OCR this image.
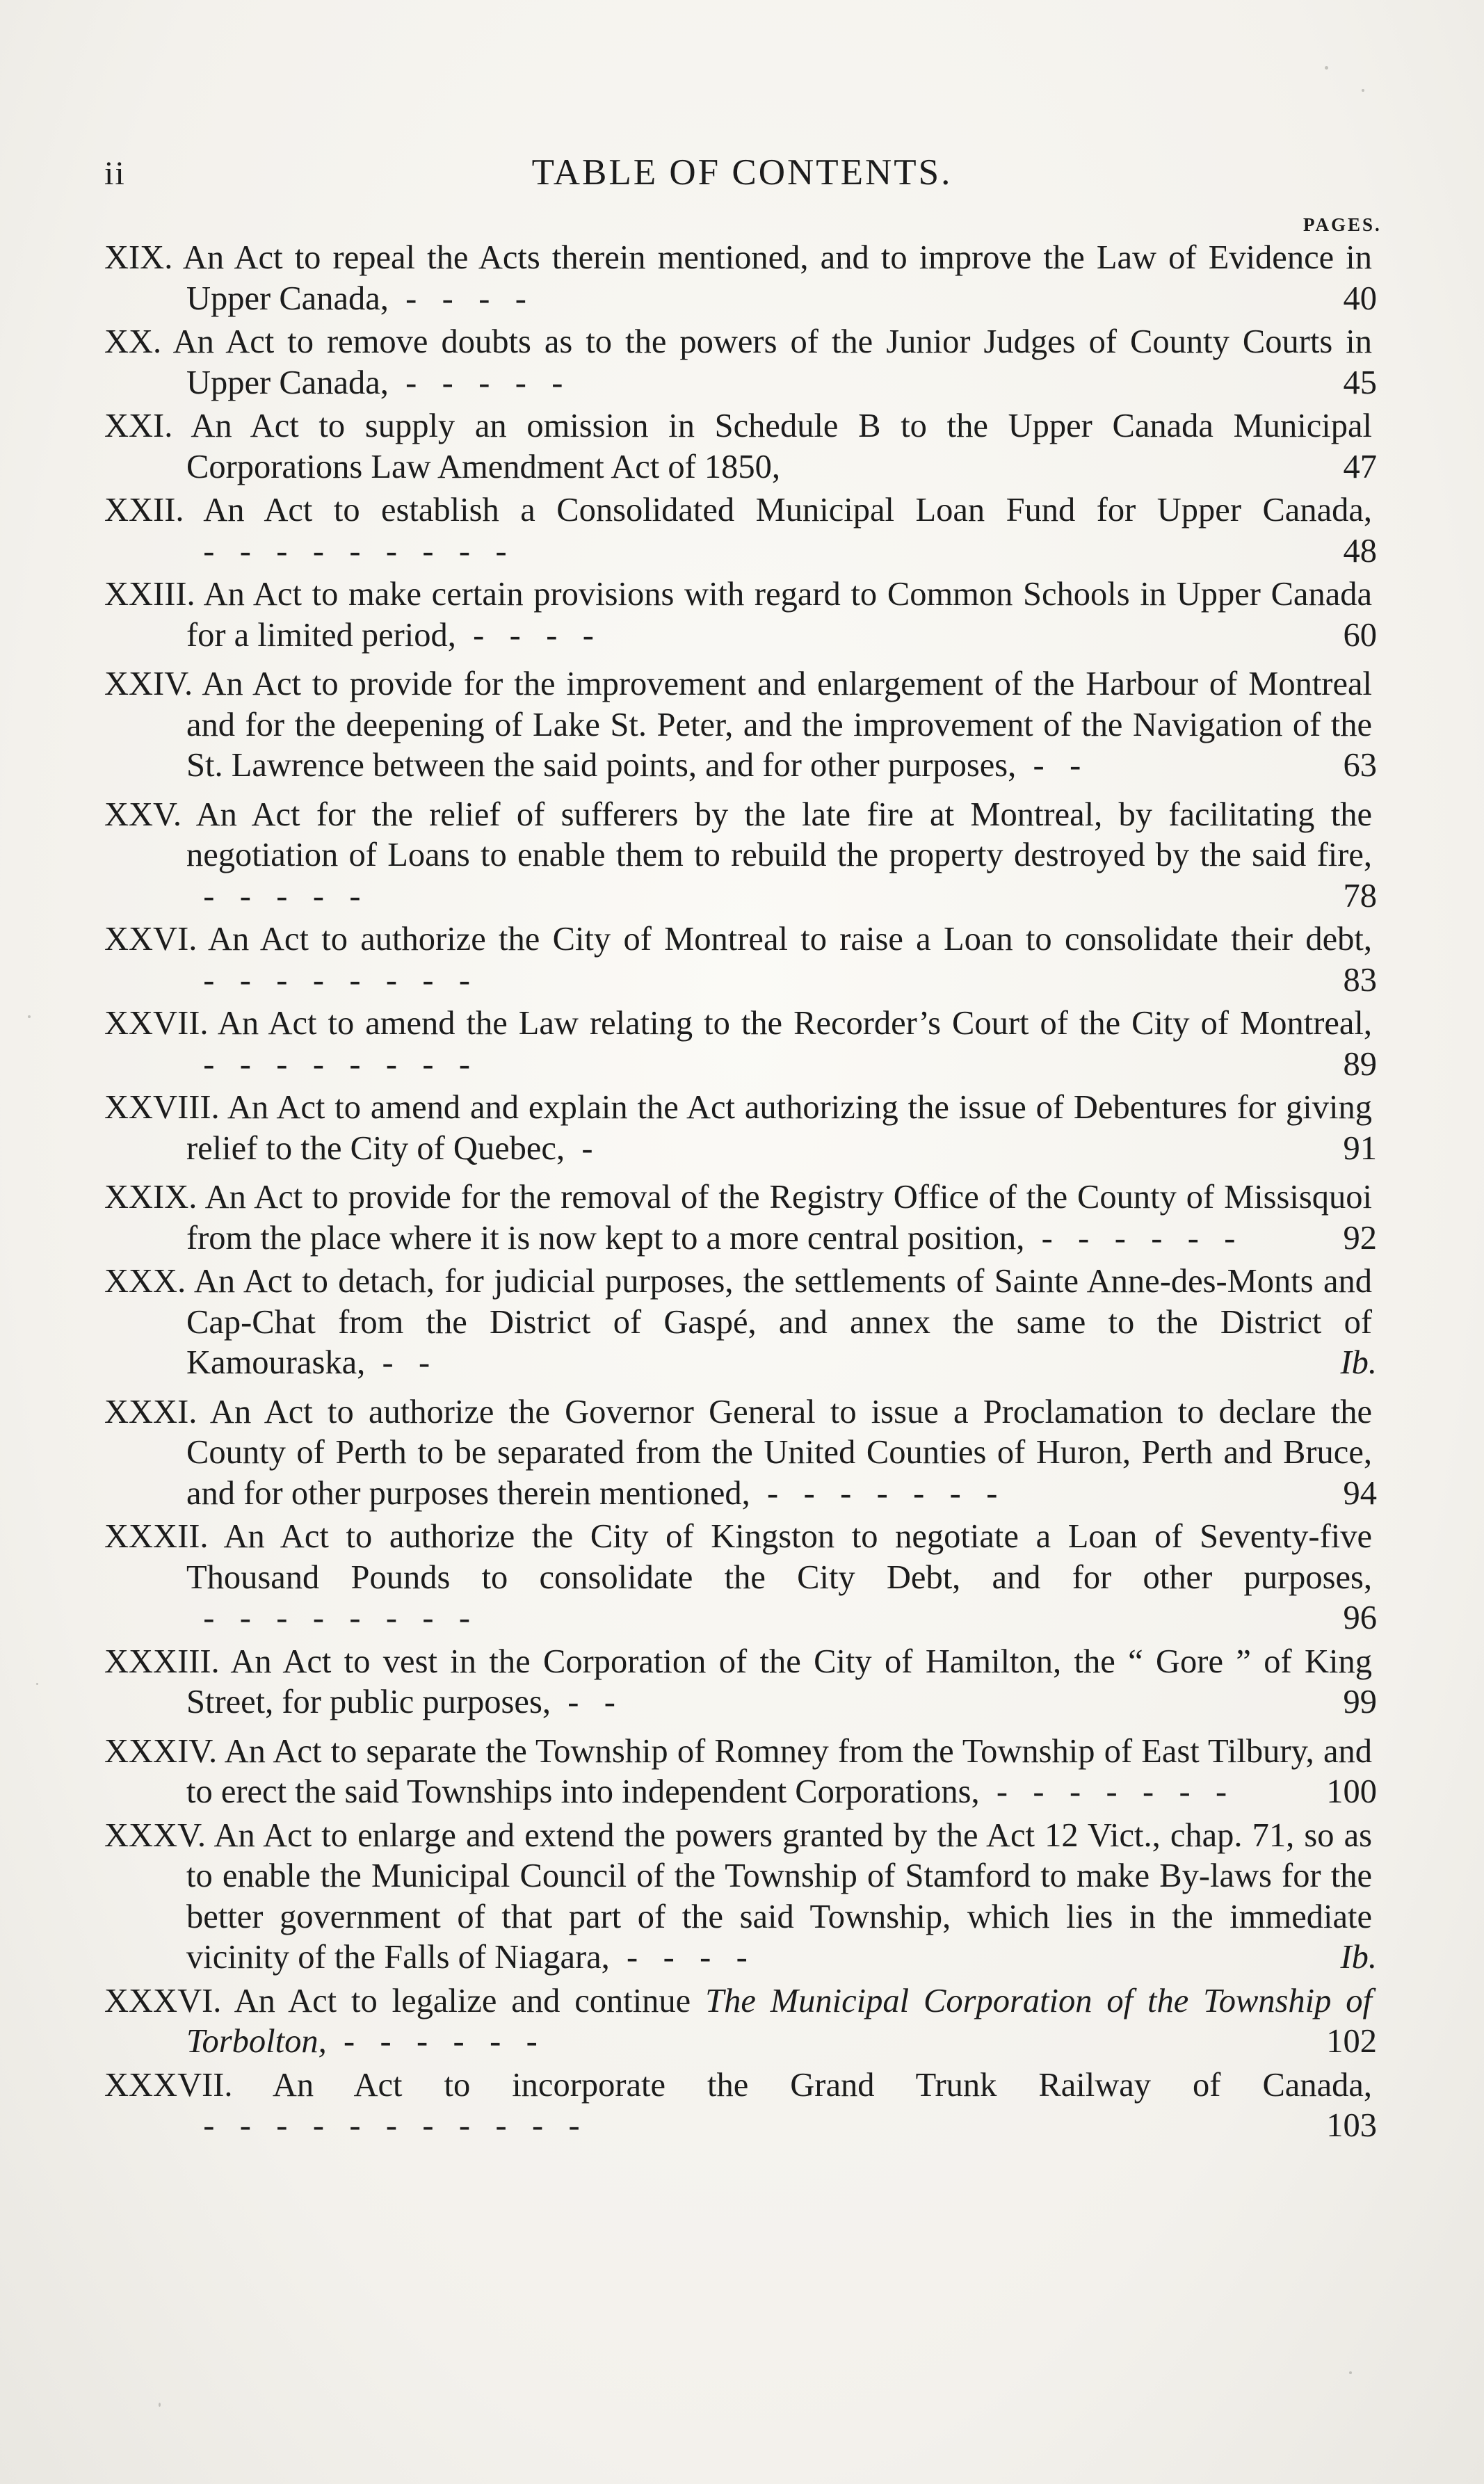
ii	TABLE OF CONTENTS.
PAGES.
XIX. An Act to repeal the Acts therein mentioned, and to improve the Law of Evidence in Upper Canada,  -   -   -   -	40
XX. An Act to remove doubts as to the powers of the Junior Judges of County Courts in Upper Canada,  -   -   -   -   -	45
XXI. An Act to supply an omission in Schedule B to the Upper Canada Municipal Corporations Law Amendment Act of 1850,	47
XXII. An Act to establish a Consolidated Municipal Loan Fund for Upper Canada,  -   -   -   -   -   -   -   -   -	48
XXIII. An Act to make certain provisions with regard to Common Schools in Upper Canada for a limited period,  -   -   -   -	60
XXIV. An Act to provide for the improvement and enlargement of the Harbour of Montreal and for the deepening of Lake St. Peter, and the improvement of the Navigation of the St. Lawrence between the said points, and for other purposes,  -   -	63
XXV. An Act for the relief of sufferers by the late fire at Montreal, by facilitating the negotiation of Loans to enable them to rebuild the property destroyed by the said fire,  -   -   -   -   -	78
XXVI. An Act to authorize the City of Montreal to raise a Loan to consolidate their debt,  -   -   -   -   -   -   -   -	83
XXVII. An Act to amend the Law relating to the Recorder’s Court of the City of Montreal,  -   -   -   -   -   -   -   -	89
XXVIII. An Act to amend and explain the Act authorizing the issue of Debentures for giving relief to the City of Quebec,  -	91
XXIX. An Act to provide for the removal of the Registry Office of the County of Missisquoi from the place where it is now kept to a more central position,  -   -   -   -   -   -	92
XXX. An Act to detach, for judicial purposes, the settlements of Sainte Anne-des-Monts and Cap-Chat from the District of Gaspé, and annex the same to the District of Kamouraska,  -   -	Ib.
XXXI. An Act to authorize the Governor General to issue a Proclamation to declare the County of Perth to be separated from the United Counties of Huron, Perth and Bruce, and for other purposes therein mentioned,  -   -   -   -   -   -   -	94
XXXII. An Act to authorize the City of Kingston to negotiate a Loan of Seventy-five Thousand Pounds to consolidate the City Debt, and for other purposes,  -   -   -   -   -   -   -   -	96
XXXIII. An Act to vest in the Corporation of the City of Hamilton, the “ Gore ” of King Street, for public purposes,  -   -	99
XXXIV. An Act to separate the Township of Romney from the Township of East Tilbury, and to erect the said Townships into independent Corporations,  -   -   -   -   -   -   -	100
XXXV. An Act to enlarge and extend the powers granted by the Act 12 Vict., chap. 71, so as to enable the Municipal Council of the Township of Stamford to make By-laws for the better government of that part of the said Township, which lies in the immediate vicinity of the Falls of Niagara,  -   -   -   -	Ib.
XXXVI. An Act to legalize and continue The Municipal Corporation of the Township of Torbolton,  -   -   -   -   -   -	102
XXXVII. An Act to incorporate the Grand Trunk Railway of Canada,  -   -   -   -   -   -   -   -   -   -   -	103
